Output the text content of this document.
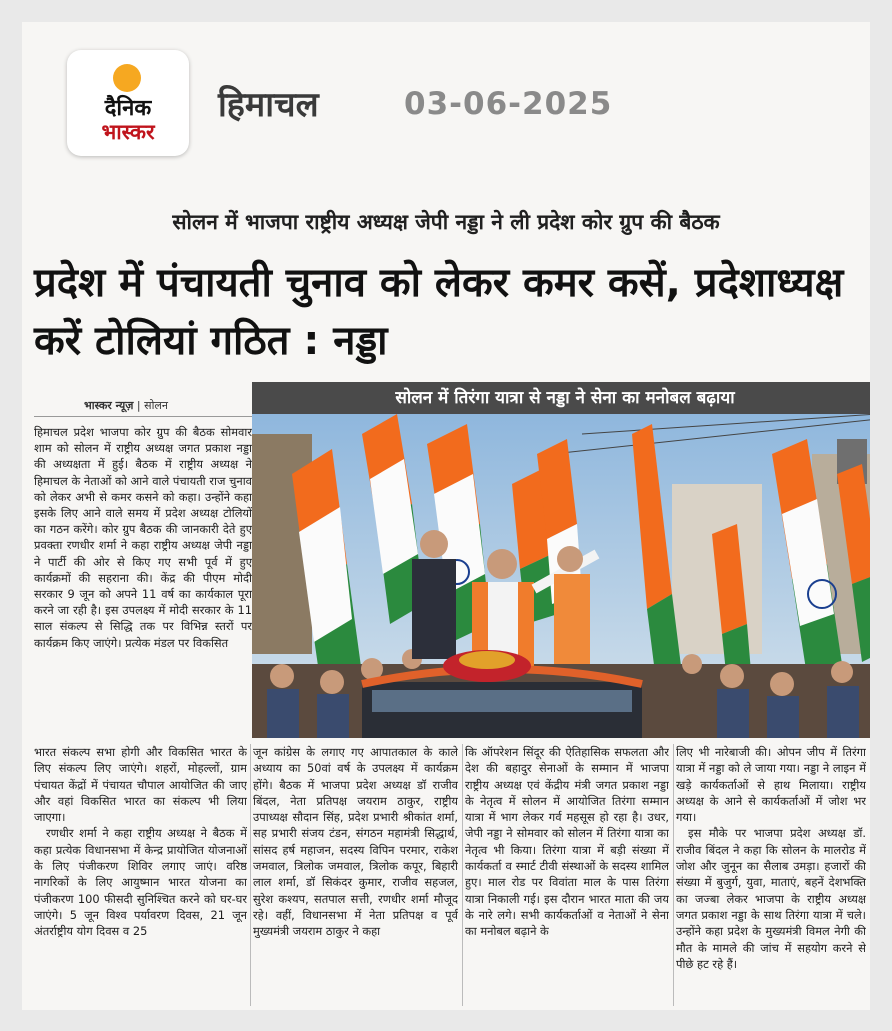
दैनिक
भास्कर
हिमाचल	03-06-2025
सोलन में भाजपा राष्ट्रीय अध्यक्ष जेपी नड्डा ने ली प्रदेश कोर ग्रुप की बैठक
प्रदेश में पंचायती चुनाव को लेकर कमर कसें, प्रदेशाध्यक्ष करें टोलियां गठित : नड्डा
भास्कर न्यूज़ | सोलन
हिमाचल प्रदेश भाजपा कोर ग्रुप की बैठक सोमवार शाम को सोलन में राष्ट्रीय अध्यक्ष जगत प्रकाश नड्डा की अध्यक्षता में हुई। बैठक में राष्ट्रीय अध्यक्ष ने हिमाचल के नेताओं को आने वाले पंचायती राज चुनाव को लेकर अभी से कमर कसने को कहा। उन्होंने कहा इसके लिए आने वाले समय में प्रदेश अध्यक्ष टोलियों का गठन करेंगे। कोर ग्रुप बैठक की जानकारी देते हुए प्रवक्ता रणधीर शर्मा ने कहा राष्ट्रीय अध्यक्ष जेपी नड्डा ने पार्टी की ओर से किए गए सभी पूर्व में हुए कार्यक्रमों की सहराना की। केंद्र की पीएम मोदी सरकार 9 जून को अपने 11 वर्ष का कार्यकाल पूरा करने जा रही है। इस उपलक्ष्य में मोदी सरकार के 11 साल संकल्प से सिद्धि तक पर विभिन्न स्तरों पर कार्यक्रम किए जाएंगे। प्रत्येक मंडल पर विकसित
सोलन में तिरंगा यात्रा से नड्डा ने सेना का मनोबल बढ़ाया

भारत संकल्प सभा होगी और विकसित भारत के लिए संकल्प लिए जाएंगे। शहरों, मोहल्लों, ग्राम पंचायत केंद्रों में पंचायत चौपाल आयोजित की जाए और वहां विकसित भारत का संकल्प भी लिया जाएगा।

रणधीर शर्मा ने कहा राष्ट्रीय अध्यक्ष ने बैठक में कहा प्रत्येक विधानसभा में केन्द्र प्रायोजित योजनाओं के लिए पंजीकरण शिविर लगाए जाएं। वरिष्ठ नागरिकों के लिए आयुष्मान भारत योजना का पंजीकरण 100 फीसदी सुनिश्चित करने को घर-घर जाएंगे। 5 जून विश्व पर्यावरण दिवस, 21 जून अंतर्राष्ट्रीय योग दिवस व 25

जून कांग्रेस के लगाए गए आपातकाल के काले अध्याय का 50वां वर्ष के उपलक्ष्य में कार्यक्रम होंगे। बैठक में भाजपा प्रदेश अध्यक्ष डॉ राजीव बिंदल, नेता प्रतिपक्ष जयराम ठाकुर, राष्ट्रीय उपाध्यक्ष सौदान सिंह, प्रदेश प्रभारी श्रीकांत शर्मा, सह प्रभारी संजय टंडन, संगठन महामंत्री सिद्धार्थ, सांसद हर्ष महाजन, सदस्य विपिन परमार, राकेश जमवाल, त्रिलोक जमवाल, त्रिलोक कपूर, बिहारी लाल शर्मा, डॉ सिकंदर कुमार, राजीव सहजल, सुरेश कश्यप, सतपाल सत्ती, रणधीर शर्मा मौजूद रहे। वहीं, विधानसभा में नेता प्रतिपक्ष व पूर्व मुख्यमंत्री जयराम ठाकुर ने कहा

कि ऑपरेशन सिंदूर की ऐतिहासिक सफलता और देश की बहादुर सेनाओं के सम्मान में भाजपा राष्ट्रीय अध्यक्ष एवं केंद्रीय मंत्री जगत प्रकाश नड्डा के नेतृत्व में सोलन में आयोजित तिरंगा सम्मान यात्रा में भाग लेकर गर्व महसूस हो रहा है। उधर, जेपी नड्डा ने सोमवार को सोलन में तिरंगा यात्रा का नेतृत्व भी किया। तिरंगा यात्रा में बड़ी संख्या में कार्यकर्ता व स्मार्ट टीवी संस्थाओं के सदस्य शामिल हुए। माल रोड पर विवांता माल के पास तिरंगा यात्रा निकाली गई। इस दौरान भारत माता की जय के नारे लगे। सभी कार्यकर्ताओं व नेताओं ने सेना का मनोबल बढ़ाने के

लिए भी नारेबाजी की। ओपन जीप में तिरंगा यात्रा में नड्डा को ले जाया गया। नड्डा ने लाइन में खड़े कार्यकर्ताओं से हाथ मिलाया। राष्ट्रीय अध्यक्ष के आने से कार्यकर्ताओं में जोश भर गया।

इस मौके पर भाजपा प्रदेश अध्यक्ष डॉ. राजीव बिंदल ने कहा कि सोलन के मालरोड में जोश और जुनून का सैलाब उमड़ा। हजारों की संख्या में बुजुर्ग, युवा, माताएं, बहनें देशभक्ति का जज्बा लेकर भाजपा के राष्ट्रीय अध्यक्ष जगत प्रकाश नड्डा के साथ तिरंगा यात्रा में चले। उन्होंने कहा प्रदेश के मुख्यमंत्री विमल नेगी की मौत के मामले की जांच में सहयोग करने से पीछे हट रहे हैं।
